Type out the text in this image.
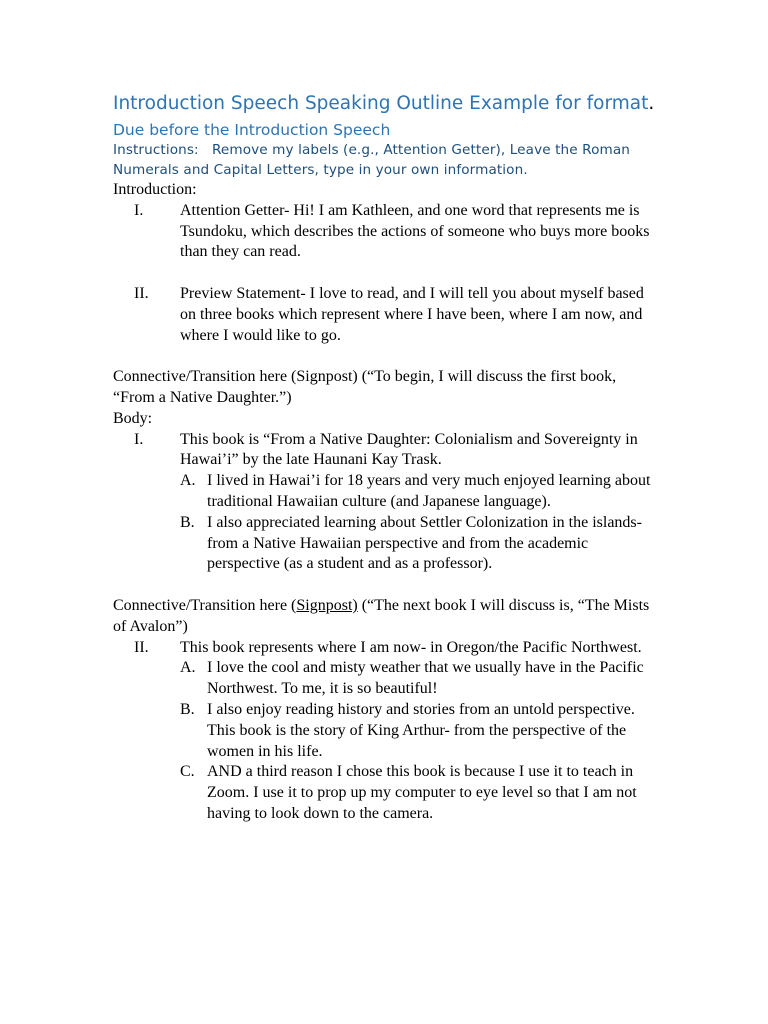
Introduction Speech Speaking Outline Example for format.

Due before the Introduction Speech

Instructions: Remove my labels (e.g., Attention Getter), Leave the Roman Numerals and Capital Letters, type in your own information.

Introduction:

I.	Attention Getter- Hi! I am Kathleen, and one word that represents me is Tsundoku, which describes the actions of someone who buys more books than they can read.
II.	Preview Statement- I love to read, and I will tell you about myself based on three books which represent where I have been, where I am now, and where I would like to go.

Connective/Transition here (Signpost) (“To begin, I will discuss the first book, “From a Native Daughter.”)

Body:

I.	This book is “From a Native Daughter: Colonialism and Sovereignty in Hawai’i” by the late Haunani Kay Trask.
A. I lived in Hawai’i for 18 years and very much enjoyed learning about traditional Hawaiian culture (and Japanese language).
B. I also appreciated learning about Settler Colonization in the islands- from a Native Hawaiian perspective and from the academic perspective (as a student and as a professor).

Connective/Transition here (Signpost) (“The next book I will discuss is, “The Mists of Avalon”)

II.	This book represents where I am now- in Oregon/the Pacific Northwest.
A. I love the cool and misty weather that we usually have in the Pacific Northwest. To me, it is so beautiful!
B. I also enjoy reading history and stories from an untold perspective. This book is the story of King Arthur- from the perspective of the women in his life.
C. AND a third reason I chose this book is because I use it to teach in Zoom. I use it to prop up my computer to eye level so that I am not having to look down to the camera.
